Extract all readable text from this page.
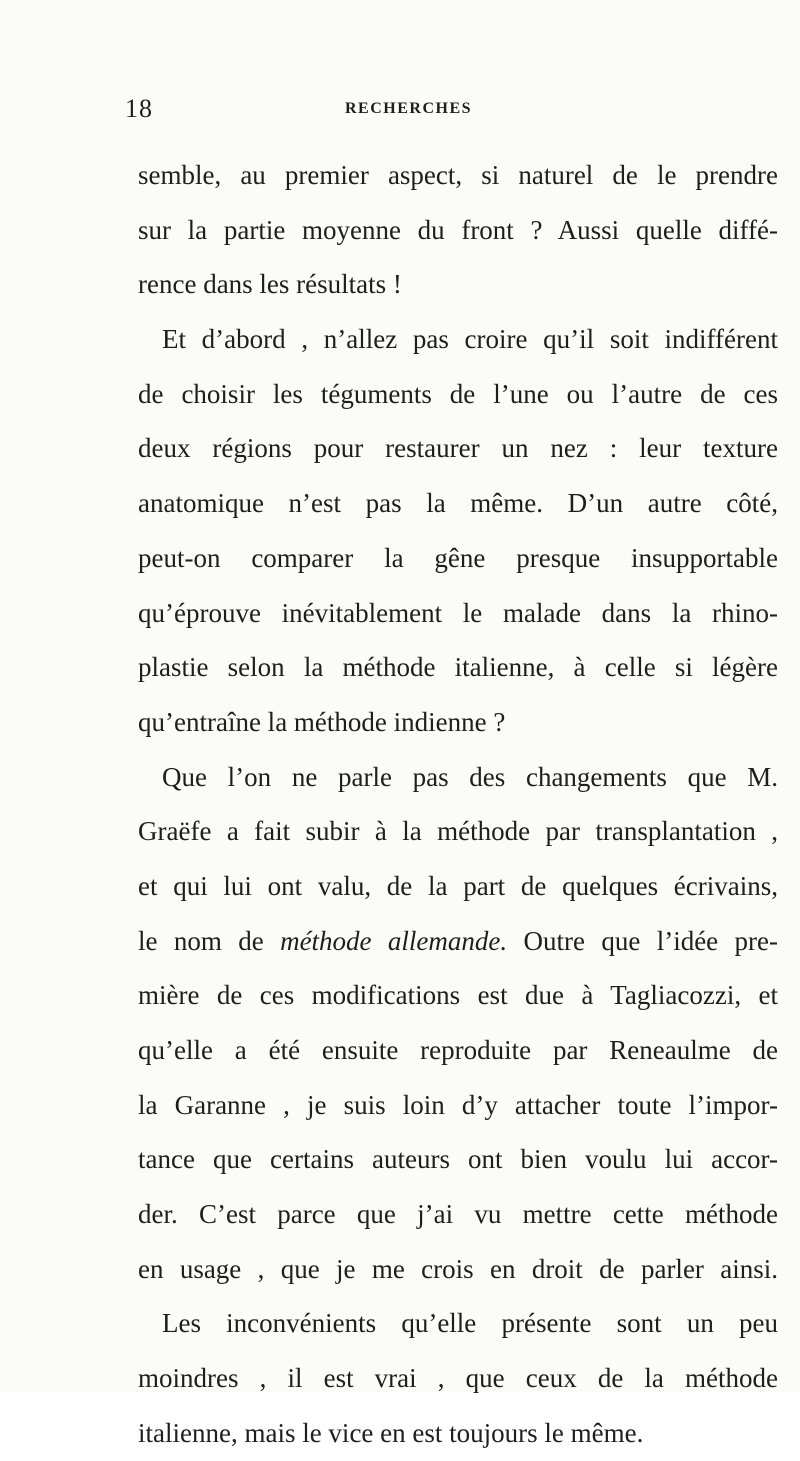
18	RECHERCHES
semble, au premier aspect, si naturel de le prendre
sur la partie moyenne du front ? Aussi quelle diffé-
rence dans les résultats !
Et d’abord , n’allez pas croire qu’il soit indifférent
de choisir les téguments de l’une ou l’autre de ces
deux régions pour restaurer un nez : leur texture
anatomique n’est pas la même. D’un autre côté,
peut-on comparer la gêne presque insupportable
qu’éprouve inévitablement le malade dans la rhino-
plastie selon la méthode italienne, à celle si légère
qu’entraîne la méthode indienne ?
Que l’on ne parle pas des changements que M.
Graëfe a fait subir à la méthode par transplantation ,
et qui lui ont valu, de la part de quelques écrivains,
le nom de méthode allemande. Outre que l’idée pre-
mière de ces modifications est due à Tagliacozzi, et
qu’elle a été ensuite reproduite par Reneaulme de
la Garanne , je suis loin d’y attacher toute l’impor-
tance que certains auteurs ont bien voulu lui accor-
der. C’est parce que j’ai vu mettre cette méthode
en usage , que je me crois en droit de parler ainsi.
Les inconvénients qu’elle présente sont un peu
moindres , il est vrai , que ceux de la méthode
italienne, mais le vice en est toujours le même.
